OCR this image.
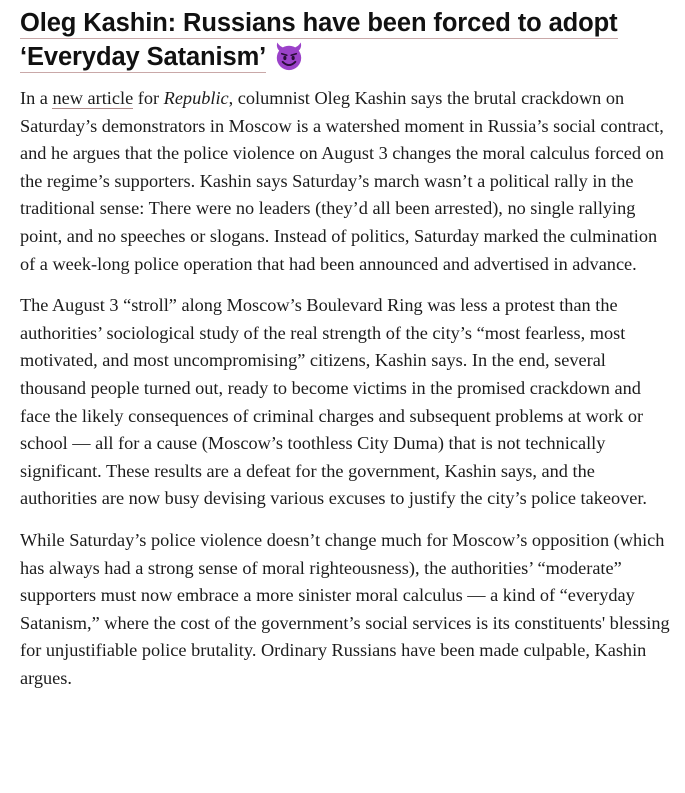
Oleg Kashin: Russians have been forced to adopt ‘Everyday Satanism’

In a new article for Republic, columnist Oleg Kashin says the brutal crackdown on Saturday’s demonstrators in Moscow is a watershed moment in Russia’s social contract, and he argues that the police violence on August 3 changes the moral calculus forced on the regime’s supporters. Kashin says Saturday’s march wasn’t a political rally in the traditional sense: There were no leaders (they’d all been arrested), no single rallying point, and no speeches or slogans. Instead of politics, Saturday marked the culmination of a week-long police operation that had been announced and advertised in advance.

The August 3 “stroll” along Moscow’s Boulevard Ring was less a protest than the authorities’ sociological study of the real strength of the city’s “most fearless, most motivated, and most uncompromising” citizens, Kashin says. In the end, several thousand people turned out, ready to become victims in the promised crackdown and face the likely consequences of criminal charges and subsequent problems at work or school — all for a cause (Moscow’s toothless City Duma) that is not technically significant. These results are a defeat for the government, Kashin says, and the authorities are now busy devising various excuses to justify the city’s police takeover.

While Saturday’s police violence doesn’t change much for Moscow’s opposition (which has always had a strong sense of moral righteousness), the authorities’ “moderate” supporters must now embrace a more sinister moral calculus — a kind of “everyday Satanism,” where the cost of the government’s social services is its constituents' blessing for unjustifiable police brutality. Ordinary Russians have been made culpable, Kashin argues.
